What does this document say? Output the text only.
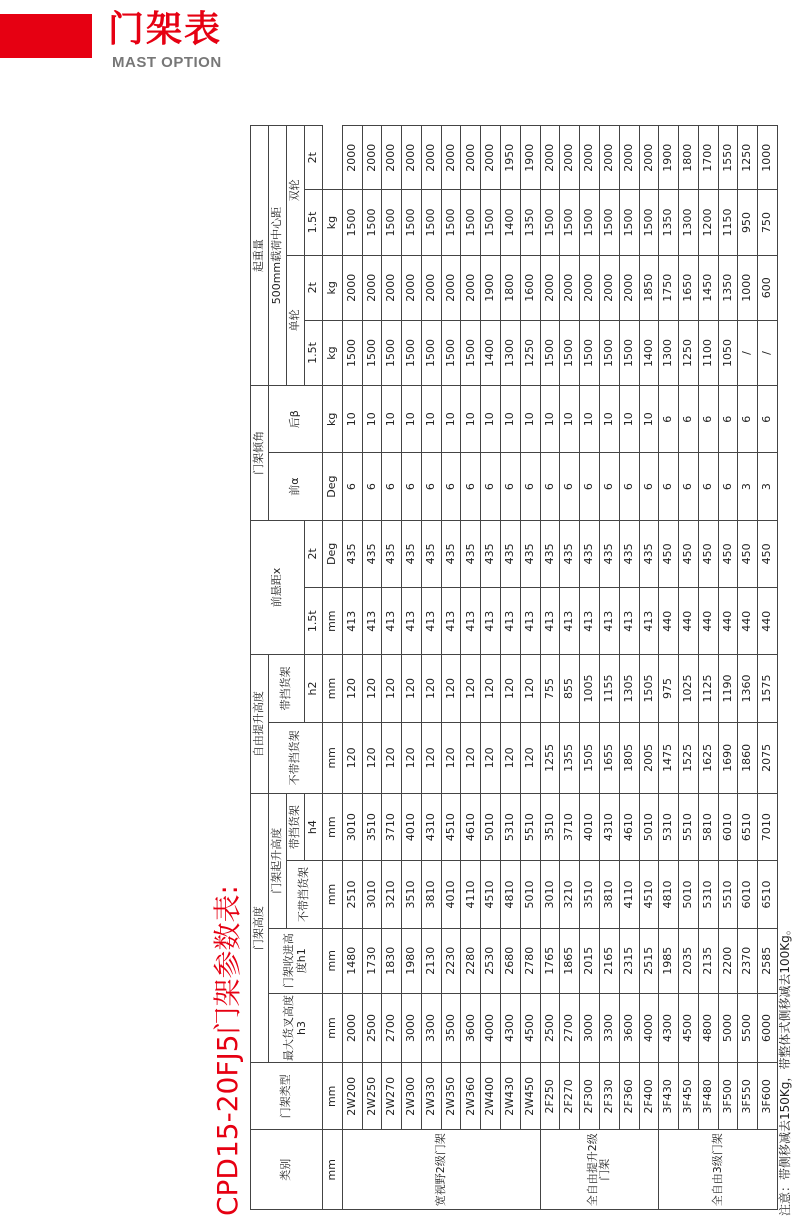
门架表
MAST OPTION
CPD15-20FJ5门架参数表:	类别	门架类型	门架高度				自由提升高度		前悬距x		门架倾角		起重量			
		最大货叉高度h3	门架收进高度h1	门架起升高度		不带挡货架	带挡货架			前α	后β	500mm载荷中心距			
				不带挡货架	带挡货架							单轮		双轮	
					h4		h2	1.5t	2t			1.5t	2t	1.5t	2t
mm	mm	mm	mm	mm	mm	mm	mm	mm	Deg	Deg	kg	kg	kg	kg	
宽视野2级门架	2W200	2000	1480	2510	3010	120	120	413	435	6	10	1500	2000	1500	2000
	2W250	2500	1730	3010	3510	120	120	413	435	6	10	1500	2000	1500	2000
	2W270	2700	1830	3210	3710	120	120	413	435	6	10	1500	2000	1500	2000
	2W300	3000	1980	3510	4010	120	120	413	435	6	10	1500	2000	1500	2000
	2W330	3300	2130	3810	4310	120	120	413	435	6	10	1500	2000	1500	2000
	2W350	3500	2230	4010	4510	120	120	413	435	6	10	1500	2000	1500	2000
	2W360	3600	2280	4110	4610	120	120	413	435	6	10	1500	2000	1500	2000
	2W400	4000	2530	4510	5010	120	120	413	435	6	10	1400	1900	1500	2000
	2W430	4300	2680	4810	5310	120	120	413	435	6	10	1300	1800	1400	1950
	2W450	4500	2780	5010	5510	120	120	413	435	6	10	1250	1600	1350	1900
全自由提升2级门架	2F250	2500	1765	3010	3510	1255	755	413	435	6	10	1500	2000	1500	2000
	2F270	2700	1865	3210	3710	1355	855	413	435	6	10	1500	2000	1500	2000
	2F300	3000	2015	3510	4010	1505	1005	413	435	6	10	1500	2000	1500	2000
	2F330	3300	2165	3810	4310	1655	1155	413	435	6	10	1500	2000	1500	2000
	2F360	3600	2315	4110	4610	1805	1305	413	435	6	10	1500	2000	1500	2000
	2F400	4000	2515	4510	5010	2005	1505	413	435	6	10	1400	1850	1500	2000
全自由3级门架	3F430	4300	1985	4810	5310	1475	975	440	450	6	6	1300	1750	1350	1900
	3F450	4500	2035	5010	5510	1525	1025	440	450	6	6	1250	1650	1300	1800
	3F480	4800	2135	5310	5810	1625	1125	440	450	6	6	1100	1450	1200	1700
	3F500	5000	2200	5510	6010	1690	1190	440	450	6	6	1050	1350	1150	1550
	3F550	5500	2370	6010	6510	1860	1360	440	450	3	6	/	1000	950	1250
	3F600	6000	2585	6510	7010	2075	1575	440	450	3	6	/	600	750	1000
注意：带侧移减去150Kg，带整体式侧移减去100Kg。
